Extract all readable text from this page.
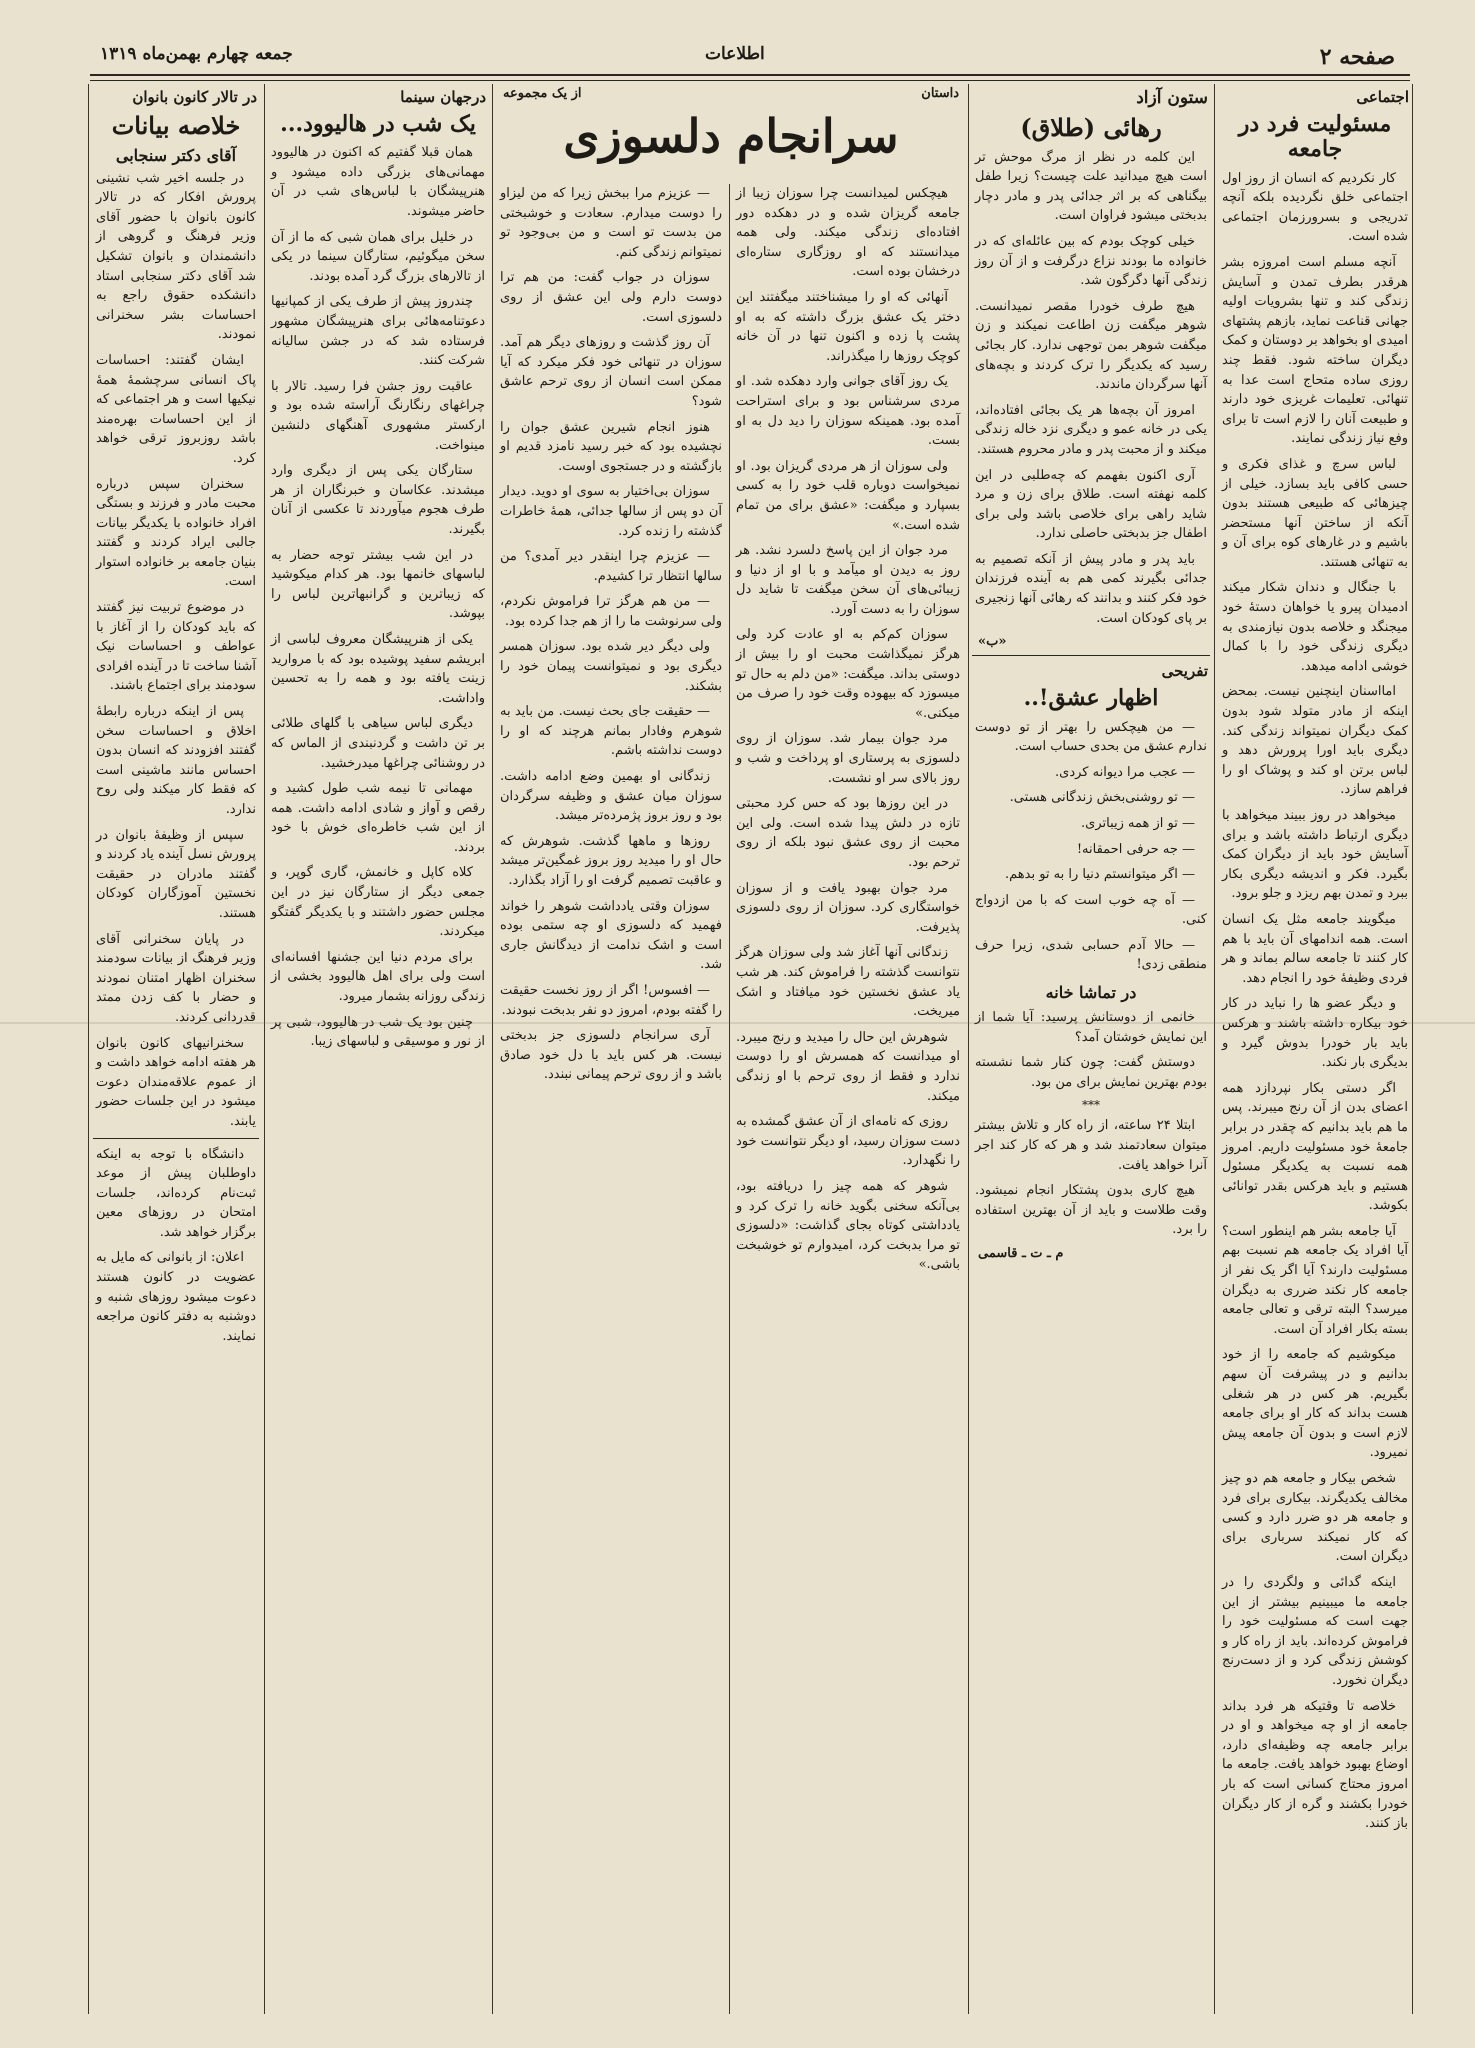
صفحه ۲
اطلاعات
جمعه چهارم بهمن‌ماه ۱۳۱۹
اجتماعی
مسئولیت فرد در جامعه

کار نکردیم که انسان از روز اول اجتماعی خلق نگردیده بلکه آنچه تدریجی و بسرورزمان اجتماعی شده است.

آنچه مسلم است امروزه بشر هرقدر بطرف تمدن و آسایش زندگی کند و تنها بشرویات اولیه جهانی قناعت نماید، بازهم پشتهای امیدی او بخواهد بر دوستان و کمک دیگران ساخته شود. فقط چند روزی ساده متحاج است عدا به تنهائی. تعلیمات غریزی خود دارند و طبیعت آنان را لازم است تا برای وفع نیاز زندگی نمایند.

لباس سرچ و غذای فکری و حسی کافی باید بسازد. خیلی از چیزهائی که طبیعی هستند بدون آنکه از ساختن آنها مستحضر باشیم و در غارهای کوه برای آن و به تنهائی هستند.

با جنگال و دندان شکار میکند ادمیدان پیرو یا خواهان دستهٔ خود میجنگد و خلاصه بدون نیازمندی به دیگری زندگی خود را با کمال خوشی ادامه میدهد.

امااسنان اینچنین نیست. بمحض اینکه از مادر متولد شود بدون کمک دیگران نمیتواند زندگی کند. دیگری باید اورا پرورش دهد و لباس برتن او کند و پوشاک او را فراهم سازد.

میخواهد در روز ببیند میخواهد با دیگری ارتباط داشته باشد و برای آسایش خود باید از دیگران کمک بگیرد. فکر و اندیشه دیگری بکار ببرد و تمدن بهم ریزد و جلو برود.

میگویند جامعه مثل یک انسان است. همه اندامهای آن باید با هم کار کنند تا جامعه سالم بماند و هر فردی وظیفهٔ خود را انجام دهد.

و دیگر عضو ها را نباید در کار خود بیکاره داشته باشند و هرکس باید بار خودرا بدوش گیرد و بدیگری بار نکند.

اگر دستی بکار نپردازد همه اعضای بدن از آن رنج میبرند. پس ما هم باید بدانیم که چقدر در برابر جامعهٔ خود مسئولیت داریم. امروز همه نسبت به یکدیگر مسئول هستیم و باید هرکس بقدر توانائی بکوشد.

آیا جامعه بشر هم اینطور است؟ آیا افراد یک جامعه هم نسبت بهم مسئولیت دارند؟ آیا اگر یک نفر از جامعه کار نکند ضرری به دیگران میرسد؟ البته ترقی و تعالی جامعه بسته بکار افراد آن است.

میکوشیم که جامعه را از خود بدانیم و در پیشرفت آن سهم بگیریم. هر کس در هر شغلی هست بداند که کار او برای جامعه لازم است و بدون آن جامعه پیش نمیرود.

شخص بیکار و جامعه هم دو چیز مخالف یکدیگرند. بیکاری برای فرد و جامعه هر دو ضرر دارد و کسی که کار نمیکند سرباری برای دیگران است.

اینکه گدائی و ولگردی را در جامعه ما میبینیم بیشتر از این جهت است که مسئولیت خود را فراموش کرده‌اند. باید از راه کار و کوشش زندگی کرد و از دست‌رنج دیگران نخورد.

خلاصه تا وقتیکه هر فرد بداند جامعه از او چه میخواهد و او در برابر جامعه چه وظیفه‌ای دارد، اوضاع بهبود خواهد یافت. جامعه ما امروز محتاج کسانی است که بار خودرا بکشند و گره از کار دیگران باز کنند.

ستون آزاد
رهائی (طلاق)

این کلمه در نظر از مرگ موحش تر است هیچ میدانید علت چیست؟ زیرا طفل بیگناهی که بر اثر جدائی پدر و مادر دچار بدبختی میشود فراوان است.

خیلی کوچک بودم که بین عائله‌ای که در خانواده ما بودند نزاع درگرفت و از آن روز زندگی آنها دگرگون شد.

هیچ طرف خودرا مقصر نمیدانست. شوهر میگفت زن اطاعت نمیکند و زن میگفت شوهر بمن توجهی ندارد. کار بجائی رسید که یکدیگر را ترک کردند و بچه‌های آنها سرگردان ماندند.

امروز آن بچه‌ها هر یک بجائی افتاده‌اند، یکی در خانه عمو و دیگری نزد خاله زندگی میکند و از محبت پدر و مادر محروم هستند.

آری اکنون بفهمم که چه‌طلبی در این کلمه نهفته است. طلاق برای زن و مرد شاید راهی برای خلاصی باشد ولی برای اطفال جز بدبختی حاصلی ندارد.

باید پدر و مادر پیش از آنکه تصمیم به جدائی بگیرند کمی هم به آینده فرزندان خود فکر کنند و بدانند که رهائی آنها زنجیری بر پای کودکان است.

«ب»
تفریحی
اظهار عشق!..

— من هیچکس را بهتر از تو دوست ندارم عشق من بحدی حساب است.

— عجب مرا دیوانه کردی.

— تو روشنی‌بخش زندگانی هستی.

— تو از همه زیباتری.

— جه حرفی احمقانه!

— اگر میتوانستم دنیا را به تو بدهم.

— آه چه خوب است که با من ازدواج کنی.

— حالا آدم حسابی شدی، زیرا حرف منطقی زدی!

در تماشا خانه

خانمی از دوستانش پرسید: آیا شما از این نمایش خوشتان آمد؟

دوستش گفت: چون کنار شما نشسته بودم بهترین نمایش برای من بود.

***

ابتلا ۲۴ ساعته، از راه کار و تلاش بیشتر میتوان سعادتمند شد و هر که کار کند اجر آنرا خواهد یافت.

هیچ کاری بدون پشتکار انجام نمیشود. وقت طلاست و باید از آن بهترین استفاده را برد.

م ـ ت ـ قاسمی
داستان
از یک مجموعه
سرانجام دلسوزی

هیچکس لمیدانست چرا سوزان زیبا از جامعه گریزان شده و در دهکده دور افتاده‌ای زندگی میکند. ولی همه میدانستند که او روزگاری ستاره‌ای درخشان بوده است.

آنهائی که او را میشناختند میگفتند این دختر یک عشق بزرگ داشته که به او پشت پا زده و اکنون تنها در آن خانه کوچک روزها را میگذراند.

یک روز آقای جوانی وارد دهکده شد. او مردی سرشناس بود و برای استراحت آمده بود. همینکه سوزان را دید دل به او بست.

ولی سوزان از هر مردی گریزان بود. او نمیخواست دوباره قلب خود را به کسی بسپارد و میگفت: «عشق برای من تمام شده است.»

مرد جوان از این پاسخ دلسرد نشد. هر روز به دیدن او میآمد و با او از دنیا و زیبائی‌های آن سخن میگفت تا شاید دل سوزان را به دست آورد.

سوزان کم‌کم به او عادت کرد ولی هرگز نمیگذاشت محبت او را بیش از دوستی بداند. میگفت: «من دلم به حال تو میسوزد که بیهوده وقت خود را صرف من میکنی.»

مرد جوان بیمار شد. سوزان از روی دلسوزی به پرستاری او پرداخت و شب و روز بالای سر او نشست.

در این روزها بود که حس کرد محبتی تازه در دلش پیدا شده است. ولی این محبت از روی عشق نبود بلکه از روی ترحم بود.

مرد جوان بهبود یافت و از سوزان خواستگاری کرد. سوزان از روی دلسوزی پذیرفت.

زندگانی آنها آغاز شد ولی سوزان هرگز نتوانست گذشته را فراموش کند. هر شب یاد عشق نخستین خود میافتاد و اشک میریخت.

شوهرش این حال را میدید و رنج میبرد. او میدانست که همسرش او را دوست ندارد و فقط از روی ترحم با او زندگی میکند.

روزی که نامه‌ای از آن عشق گمشده به دست سوزان رسید، او دیگر نتوانست خود را نگهدارد.

شوهر که همه چیز را دریافته بود، بی‌آنکه سخنی بگوید خانه را ترک کرد و یادداشتی کوتاه بجای گذاشت: «دلسوزی تو مرا بدبخت کرد، امیدوارم تو خوشبخت باشی.»

— عزیزم مرا ببخش زیرا که من لیزاو را دوست میدارم. سعادت و خوشبختی من بدست تو است و من بی‌وجود تو نمیتوانم زندگی کنم.

سوزان در جواب گفت: من هم ترا دوست دارم ولی این عشق از روی دلسوزی است.

آن روز گذشت و روزهای دیگر هم آمد. سوزان در تنهائی خود فکر میکرد که آیا ممکن است انسان از روی ترحم عاشق شود؟

هنوز انجام شیرین عشق جوان را نچشیده بود که خبر رسید نامزد قدیم او بازگشته و در جستجوی اوست.

سوزان بی‌اختیار به سوی او دوید. دیدار آن دو پس از سالها جدائی، همهٔ خاطرات گذشته را زنده کرد.

— عزیزم چرا اینقدر دیر آمدی؟ من سالها انتظار ترا کشیدم.

— من هم هرگز ترا فراموش نکردم، ولی سرنوشت ما را از هم جدا کرده بود.

ولی دیگر دیر شده بود. سوزان همسر دیگری بود و نمیتوانست پیمان خود را بشکند.

— حقیقت جای بحث نیست. من باید به شوهرم وفادار بمانم هرچند که او را دوست نداشته باشم.

زندگانی او بهمین وضع ادامه داشت. سوزان میان عشق و وظیفه سرگردان بود و روز بروز پژمرده‌تر میشد.

روزها و ماهها گذشت. شوهرش که حال او را میدید روز بروز غمگین‌تر میشد و عاقبت تصمیم گرفت او را آزاد بگذارد.

سوزان وقتی یادداشت شوهر را خواند فهمید که دلسوزی او چه ستمی بوده است و اشک ندامت از دیدگانش جاری شد.

— افسوس! اگر از روز نخست حقیقت را گفته بودم، امروز دو نفر بدبخت نبودند.

آری سرانجام دلسوزی جز بدبختی نیست. هر کس باید با دل خود صادق باشد و از روی ترحم پیمانی نبندد.

درجهان سینما
یک شب در هالیوود...

همان قبلا گفتیم که اکنون در هالیوود مهمانی‌های بزرگی داده میشود و هنرپیشگان با لباس‌های شب در آن حاضر میشوند.

در خلیل برای همان شبی که ما از آن سخن میگوئیم، ستارگان سینما در یکی از تالارهای بزرگ گرد آمده بودند.

چندروز پیش از طرف یکی از کمپانیها دعوتنامه‌هائی برای هنرپیشگان مشهور فرستاده شد که در جشن سالیانه شرکت کنند.

عاقبت روز جشن فرا رسید. تالار با چراغهای رنگارنگ آراسته شده بود و ارکستر مشهوری آهنگهای دلنشین مینواخت.

ستارگان یکی پس از دیگری وارد میشدند. عکاسان و خبرنگاران از هر طرف هجوم میآوردند تا عکسی از آنان بگیرند.

در این شب بیشتر توجه حضار به لباسهای خانمها بود. هر کدام میکوشید که زیباترین و گرانبهاترین لباس را بپوشد.

یکی از هنرپیشگان معروف لباسی از ابریشم سفید پوشیده بود که با مروارید زینت یافته بود و همه را به تحسین واداشت.

دیگری لباس سیاهی با گلهای طلائی بر تن داشت و گردنبندی از الماس که در روشنائی چراغها میدرخشید.

مهمانی تا نیمه شب طول کشید و رقص و آواز و شادی ادامه داشت. همه از این شب خاطره‌ای خوش با خود بردند.

کلاه کاپل و خانمش، گاری گوپر، و جمعی دیگر از ستارگان نیز در این مجلس حضور داشتند و با یکدیگر گفتگو میکردند.

برای مردم دنیا این جشنها افسانه‌ای است ولی برای اهل هالیوود بخشی از زندگی روزانه بشمار میرود.

چنین بود یک شب در هالیوود، شبی پر از نور و موسیقی و لباسهای زیبا.

در تالار کانون بانوان
خلاصه بیانات
آقای دکتر سنجابی

در جلسه اخیر شب نشینی پرورش افکار که در تالار کانون بانوان با حضور آقای وزیر فرهنگ و گروهی از دانشمندان و بانوان تشکیل شد آقای دکتر سنجابی استاد دانشکده حقوق راجع به احساسات بشر سخنرانی نمودند.

ایشان گفتند: احساسات پاک انسانی سرچشمهٔ همهٔ نیکیها است و هر اجتماعی که از این احساسات بهره‌مند باشد روزبروز ترقی خواهد کرد.

سخنران سپس درباره محبت مادر و فرزند و بستگی افراد خانواده با یکدیگر بیانات جالبی ایراد کردند و گفتند بنیان جامعه بر خانواده استوار است.

در موضوع تربیت نیز گفتند که باید کودکان را از آغاز با عواطف و احساسات نیک آشنا ساخت تا در آینده افرادی سودمند برای اجتماع باشند.

پس از اینکه درباره رابطهٔ اخلاق و احساسات سخن گفتند افزودند که انسان بدون احساس مانند ماشینی است که فقط کار میکند ولی روح ندارد.

سپس از وظیفهٔ بانوان در پرورش نسل آینده یاد کردند و گفتند مادران در حقیقت نخستین آموزگاران کودکان هستند.

در پایان سخنرانی آقای وزیر فرهنگ از بیانات سودمند سخنران اظهار امتنان نمودند و حضار با کف زدن ممتد قدردانی کردند.

سخنرانیهای کانون بانوان هر هفته ادامه خواهد داشت و از عموم علاقه‌مندان دعوت میشود در این جلسات حضور یابند.

دانشگاه با توجه به اینکه داوطلبان پیش از موعد ثبت‌نام کرده‌اند، جلسات امتحان در روزهای معین برگزار خواهد شد.

اعلان: از بانوانی که مایل به عضویت در کانون هستند دعوت میشود روزهای شنبه و دوشنبه به دفتر کانون مراجعه نمایند.
